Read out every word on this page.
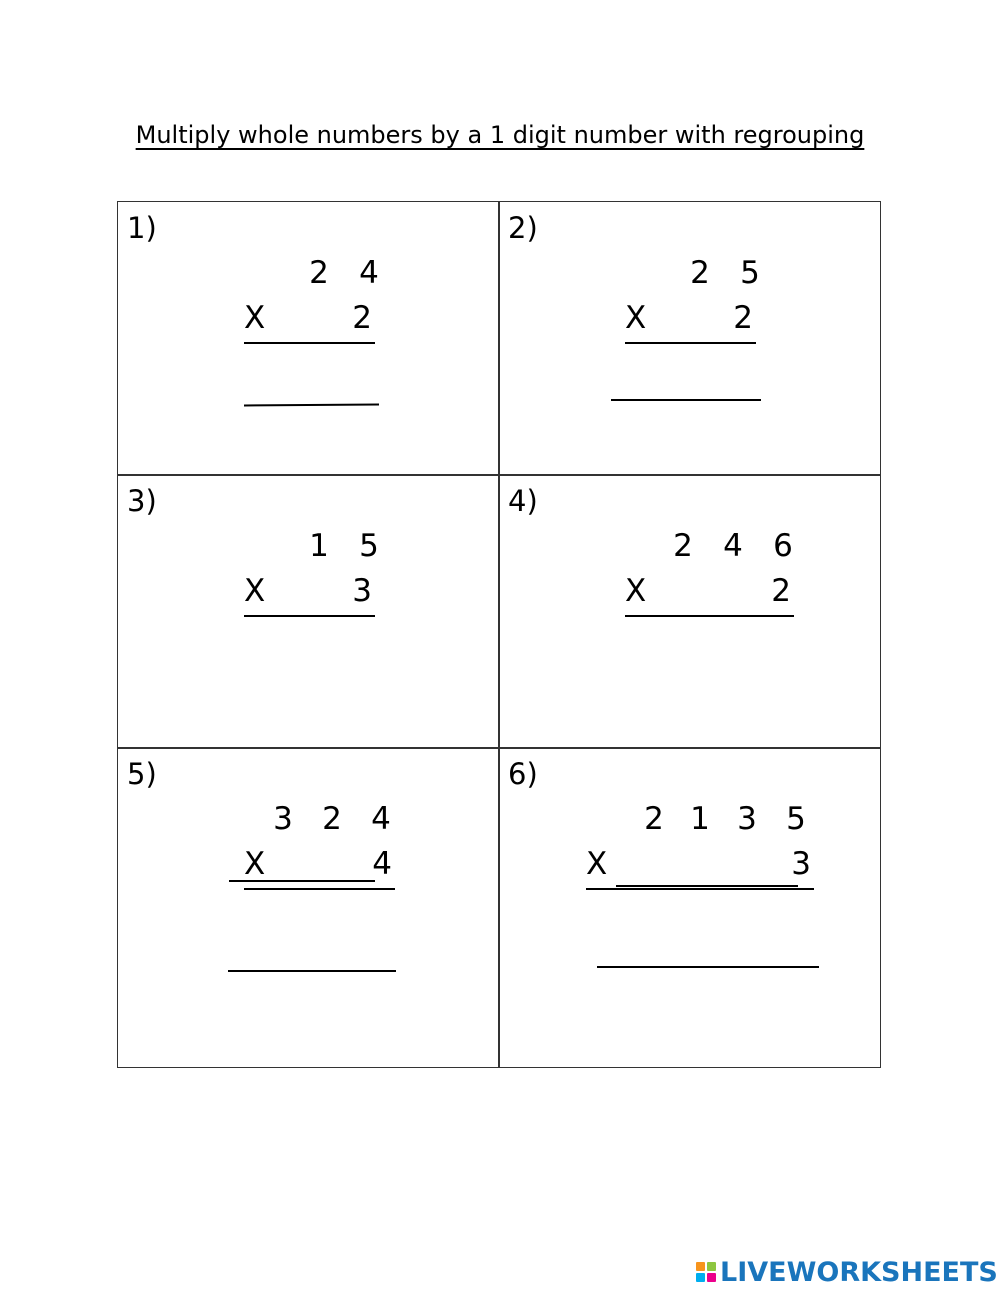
Multiply whole numbers by a 1 digit number with regrouping
1)
2 4
X	2
2)
2 5
X	2
3)
1 5
X	3
4)
2 4 6
X	2
5)
3 2 4
X	4
6)
2 1 3 5
X	3
LIVEWORKSHEETS
